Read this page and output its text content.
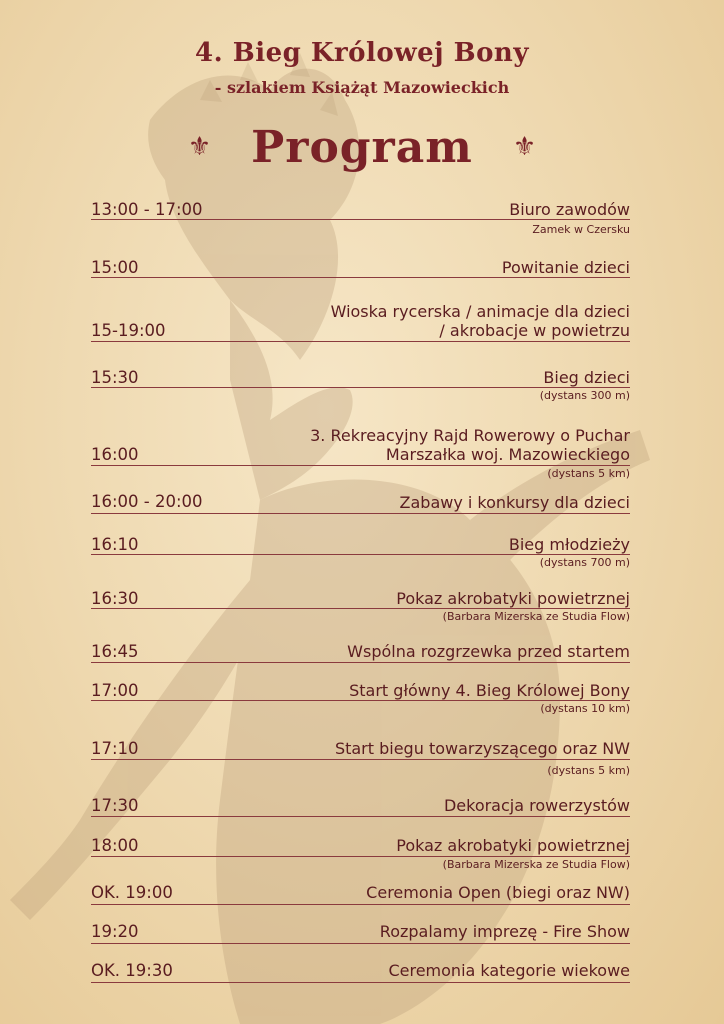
4. Bieg Królowej Bony
- szlakiem Książąt Mazowieckich
⚜ Program ⚜
13:00 - 17:00	Biuro zawodów
Zamek w Czersku
15:00	Powitanie dzieci
Wioska rycerska / animacje dla dzieci
15-19:00	/ akrobacje w powietrzu
15:30	Bieg dzieci
(dystans 300 m)
3. Rekreacyjny Rajd Rowerowy o Puchar
16:00	Marszałka woj. Mazowieckiego
(dystans 5 km)
16:00 - 20:00	Zabawy i konkursy dla dzieci
16:10	Bieg młodzieży
(dystans 700 m)
16:30	Pokaz akrobatyki powietrznej
(Barbara Mizerska ze Studia Flow)
16:45	Wspólna rozgrzewka przed startem
17:00	Start główny 4. Bieg Królowej Bony
(dystans 10 km)
17:10	Start biegu towarzyszącego oraz NW
(dystans 5 km)
17:30	Dekoracja rowerzystów
18:00	Pokaz akrobatyki powietrznej
(Barbara Mizerska ze Studia Flow)
OK. 19:00	Ceremonia Open (biegi oraz NW)
19:20	Rozpalamy imprezę - Fire Show
OK. 19:30	Ceremonia kategorie wiekowe
